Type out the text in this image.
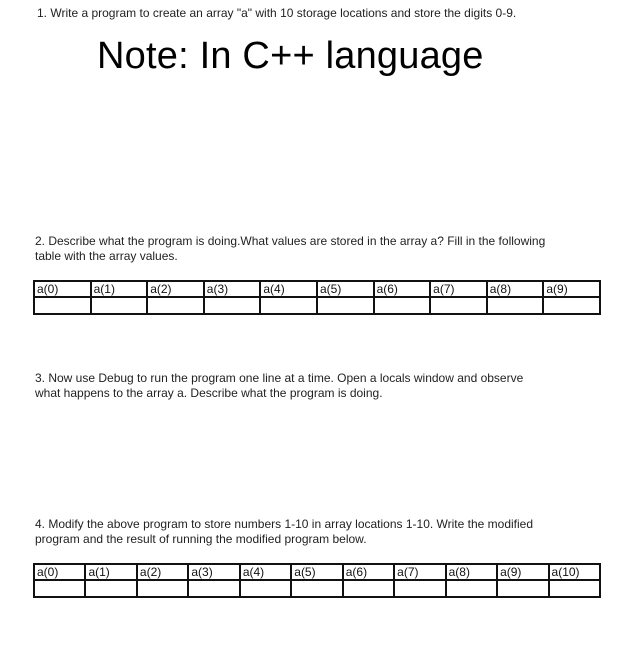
1. Write a program to create an array "a" with 10 storage locations and store the digits 0-9.

Note: In C++ language
2. Describe what the program is doing.What values are stored in the array a? Fill in the following
table with the array values.
a(0)	a(1)	a(2)	a(3)	a(4)	a(5)	a(6)	a(7)	a(8)	a(9)

3. Now use Debug to run the program one line at a time. Open a locals window and observe
what happens to the array a. Describe what the program is doing.
4. Modify the above program to store numbers 1-10 in array locations 1-10. Write the modified
program and the result of running the modified program below.
a(0)	a(1)	a(2)	a(3)	a(4)	a(5)	a(6)	a(7)	a(8)	a(9)	a(10)
